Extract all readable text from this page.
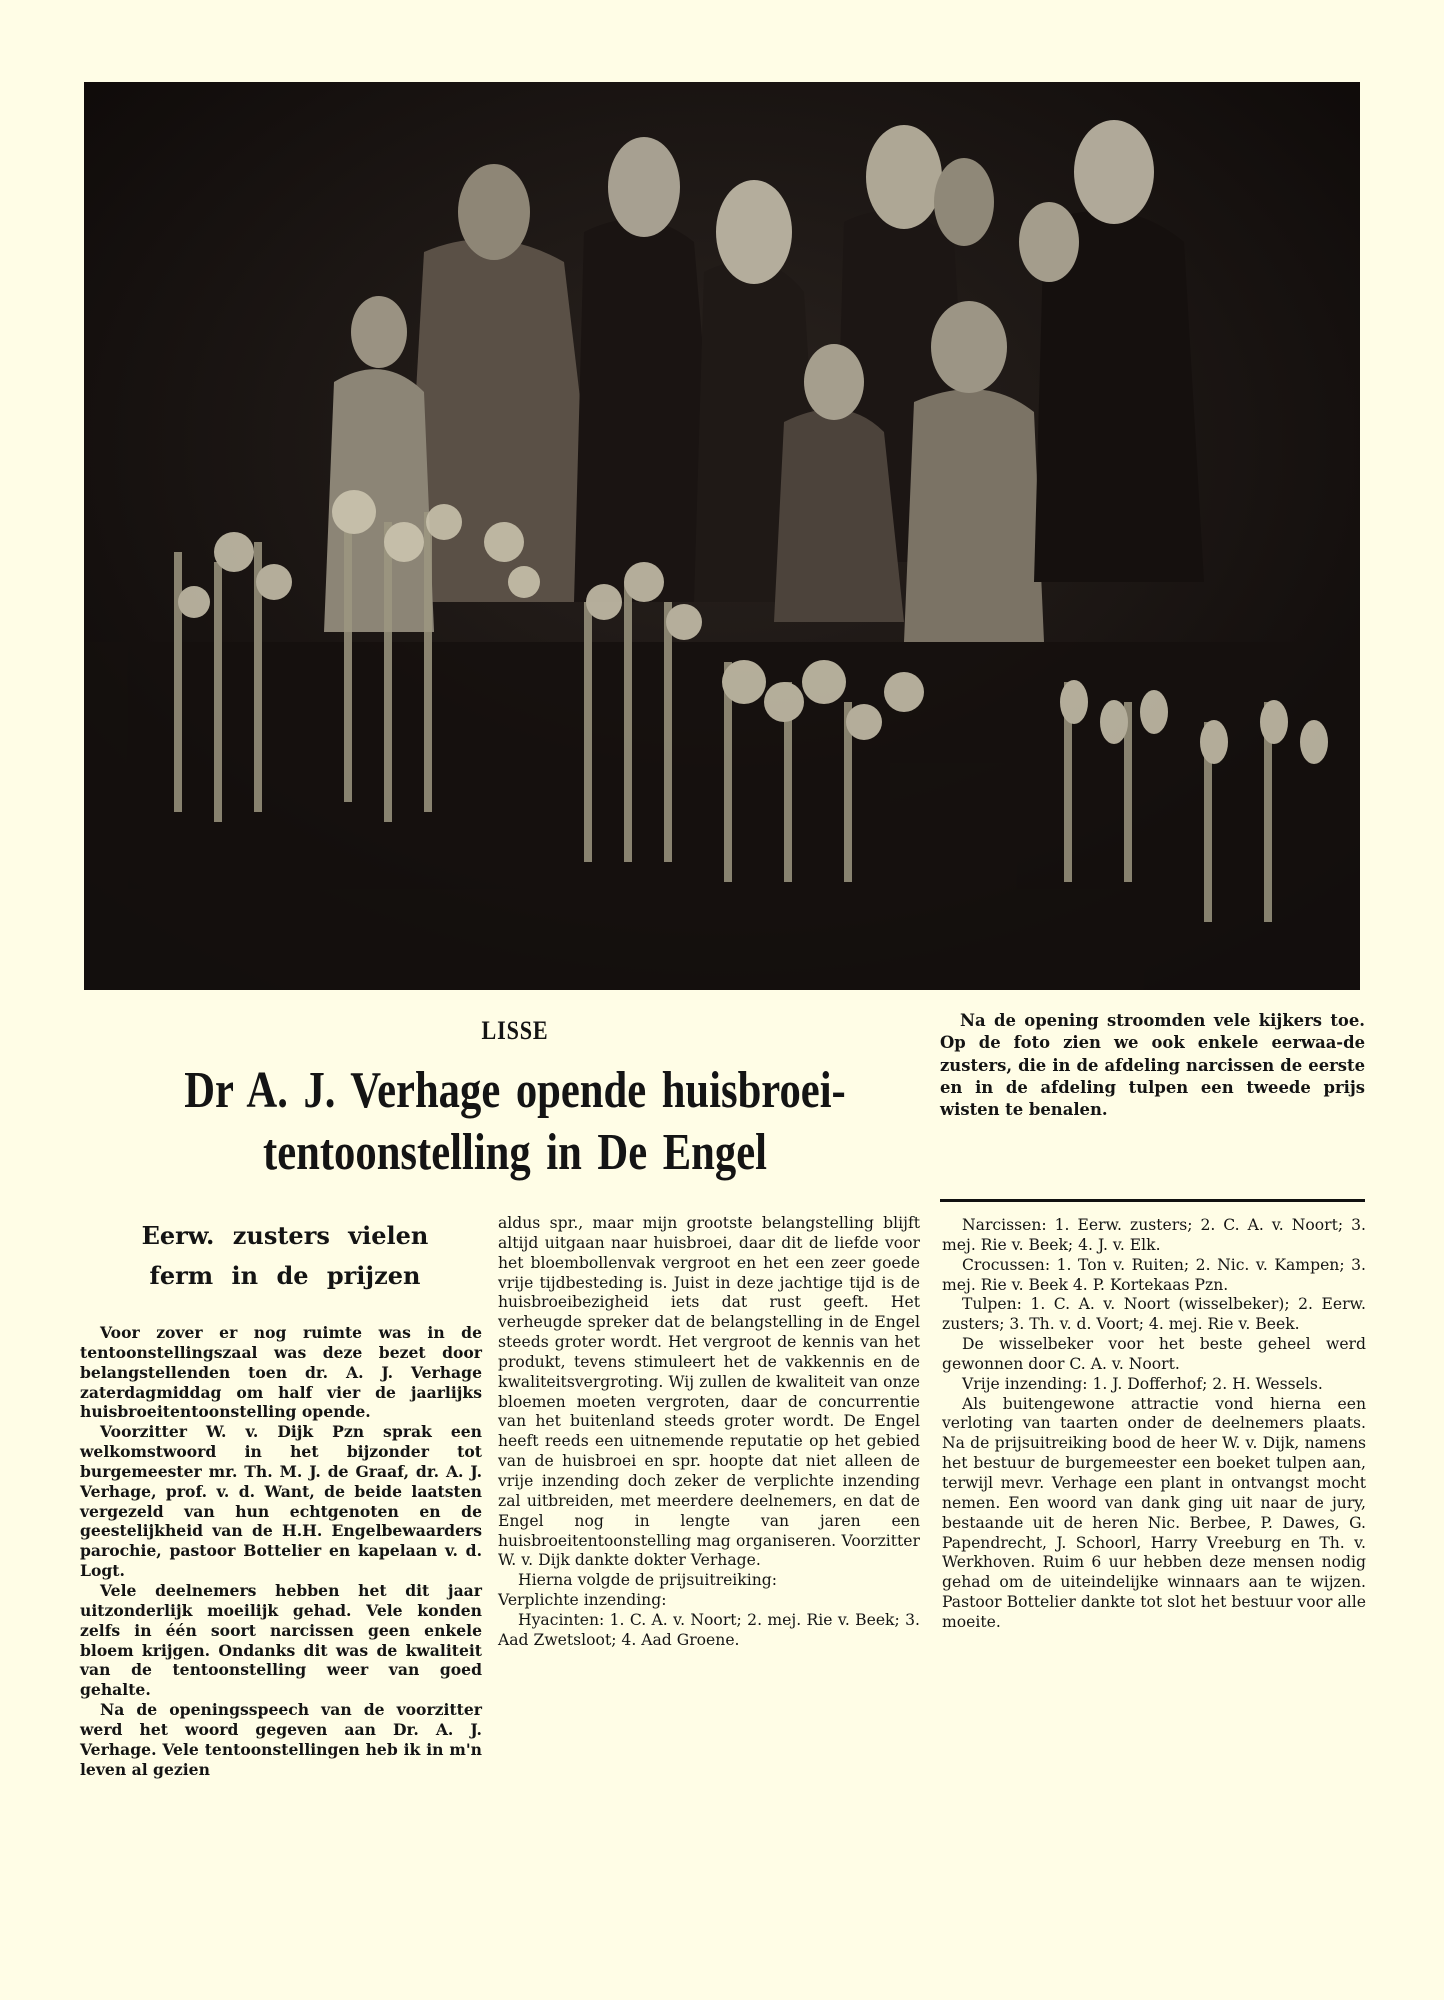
LISSE
Dr A. J. Verhage opende huisbroei-
tentoonstelling in De Engel
Na de opening stroomden vele kijkers toe. Op de foto zien we ook enkele eerwaa-de zusters, die in de afdeling narcissen de eerste en in de afdeling tulpen een tweede prijs wisten te benalen.
Eerw. zusters vielen
ferm in de prijzen

Voor zover er nog ruimte was in de tentoonstellingszaal was deze bezet door belangstellenden toen dr. A. J. Verhage zaterdagmiddag om half vier de jaarlijks huisbroeitentoonstelling opende.

Voorzitter W. v. Dijk Pzn sprak een welkomstwoord in het bijzonder tot burgemeester mr. Th. M. J. de Graaf, dr. A. J. Verhage, prof. v. d. Want, de beide laatsten vergezeld van hun echtgenoten en de geestelijkheid van de H.H. Engelbewaarders parochie, pastoor Bottelier en kapelaan v. d. Logt.

Vele deelnemers hebben het dit jaar uitzonderlijk moeilijk gehad. Vele konden zelfs in één soort narcissen geen enkele bloem krijgen. Ondanks dit was de kwaliteit van de tentoonstelling weer van goed gehalte.

Na de openingsspeech van de voorzitter werd het woord gegeven aan Dr. A. J. Verhage. Vele tentoonstellingen heb ik in m'n leven al gezien

aldus spr., maar mijn grootste belangstelling blijft altijd uitgaan naar huisbroei, daar dit de liefde voor het bloembollenvak vergroot en het een zeer goede vrije tijdbesteding is. Juist in deze jachtige tijd is de huisbroeibezigheid iets dat rust geeft. Het verheugde spreker dat de belangstelling in de Engel steeds groter wordt. Het vergroot de kennis van het produkt, tevens stimuleert het de vakkennis en de kwaliteitsvergroting. Wij zullen de kwaliteit van onze bloemen moeten vergroten, daar de concurrentie van het buitenland steeds groter wordt. De Engel heeft reeds een uitnemende reputatie op het gebied van de huisbroei en spr. hoopte dat niet alleen de vrije inzending doch zeker de verplichte inzending zal uitbreiden, met meerdere deelnemers, en dat de Engel nog in lengte van jaren een huisbroeitentoonstelling mag organiseren. Voorzitter W. v. Dijk dankte dokter Verhage.

Hierna volgde de prijsuitreiking:

Verplichte inzending:

Hyacinten: 1. C. A. v. Noort; 2. mej. Rie v. Beek; 3. Aad Zwetsloot; 4. Aad Groene.

Narcissen: 1. Eerw. zusters; 2. C. A. v. Noort; 3. mej. Rie v. Beek; 4. J. v. Elk.

Crocussen: 1. Ton v. Ruiten; 2. Nic. v. Kampen; 3. mej. Rie v. Beek 4. P. Kortekaas Pzn.

Tulpen: 1. C. A. v. Noort (wisselbeker); 2. Eerw. zusters; 3. Th. v. d. Voort; 4. mej. Rie v. Beek.

De wisselbeker voor het beste geheel werd gewonnen door C. A. v. Noort.

Vrije inzending: 1. J. Dofferhof; 2. H. Wessels.

Als buitengewone attractie vond hierna een verloting van taarten onder de deelnemers plaats. Na de prijsuitreiking bood de heer W. v. Dijk, namens het bestuur de burgemeester een boeket tulpen aan, terwijl mevr. Verhage een plant in ontvangst mocht nemen. Een woord van dank ging uit naar de jury, bestaande uit de heren Nic. Berbee, P. Dawes, G. Papendrecht, J. Schoorl, Harry Vreeburg en Th. v. Werkhoven. Ruim 6 uur hebben deze mensen nodig gehad om de uiteindelijke winnaars aan te wijzen. Pastoor Bottelier dankte tot slot het bestuur voor alle moeite.
